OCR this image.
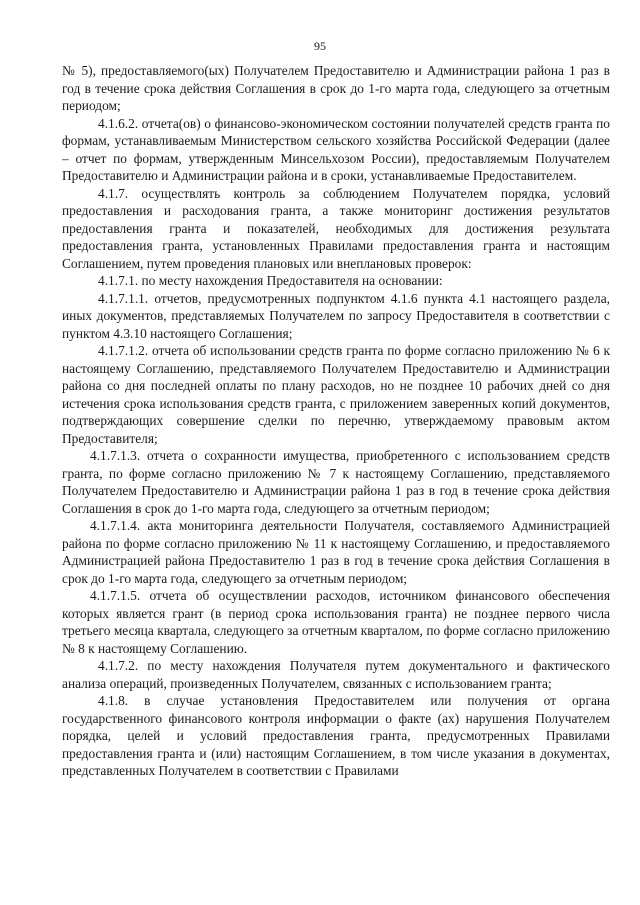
95

№ 5), предоставляемого(ых) Получателем Предоставителю и Администрации района 1 раз в год в течение срока действия Соглашения в срок до 1-го марта года, следующего за отчетным периодом;

4.1.6.2. отчета(ов) о финансово-экономическом состоянии получателей средств гранта по формам, устанавливаемым Министерством сельского хозяйства Российской Федерации (далее – отчет по формам, утвержденным Минсельхозом России), предоставляемым Получателем Предоставителю и Администрации района и в сроки, устанавливаемые Предоставителем.

4.1.7. осуществлять контроль за соблюдением Получателем порядка, условий предоставления и расходования гранта, а также мониторинг достижения результатов предоставления гранта и показателей, необходимых для достижения результата предоставления гранта, установленных Правилами предоставления гранта и настоящим Соглашением, путем проведения плановых или внеплановых проверок:

4.1.7.1. по месту нахождения Предоставителя на основании:

4.1.7.1.1. отчетов, предусмотренных подпунктом 4.1.6 пункта 4.1 настоящего раздела, иных документов, представляемых Получателем по запросу Предоставителя в соответствии с пунктом 4.3.10 настоящего Соглашения;

4.1.7.1.2. отчета об использовании средств гранта по форме согласно приложению № 6 к настоящему Соглашению, представляемого Получателем Предоставителю и Администрации района со дня последней оплаты по плану расходов, но не позднее 10 рабочих дней со дня истечения срока использования средств гранта, с приложением заверенных копий документов, подтверждающих совершение сделки по перечню, утверждаемому правовым актом Предоставителя;

4.1.7.1.3. отчета о сохранности имущества, приобретенного с использованием средств гранта, по форме согласно приложению № 7 к настоящему Соглашению, представляемого Получателем Предоставителю и Администрации района 1 раз в год в течение срока действия Соглашения в срок до 1-го марта года, следующего за отчетным периодом;

4.1.7.1.4. акта мониторинга деятельности Получателя, составляемого Администрацией района по форме согласно приложению № 11 к настоящему Соглашению, и предоставляемого Администрацией района Предоставителю 1 раз в год в течение срока действия Соглашения в срок до 1-го марта года, следующего за отчетным периодом;

4.1.7.1.5. отчета об осуществлении расходов, источником финансового обеспечения которых является грант (в период срока использования гранта) не позднее первого числа третьего месяца квартала, следующего за отчетным кварталом, по форме согласно приложению № 8 к настоящему Соглашению.

4.1.7.2. по месту нахождения Получателя путем документального и фактического анализа операций, произведенных Получателем, связанных с использованием гранта;

4.1.8. в случае установления Предоставителем или получения от органа государственного финансового контроля информации о факте (ах) нарушения Получателем порядка, целей и условий предоставления гранта, предусмотренных Правилами предоставления гранта и (или) настоящим Соглашением, в том числе указания в документах, представленных Получателем в соответствии с Правилами
